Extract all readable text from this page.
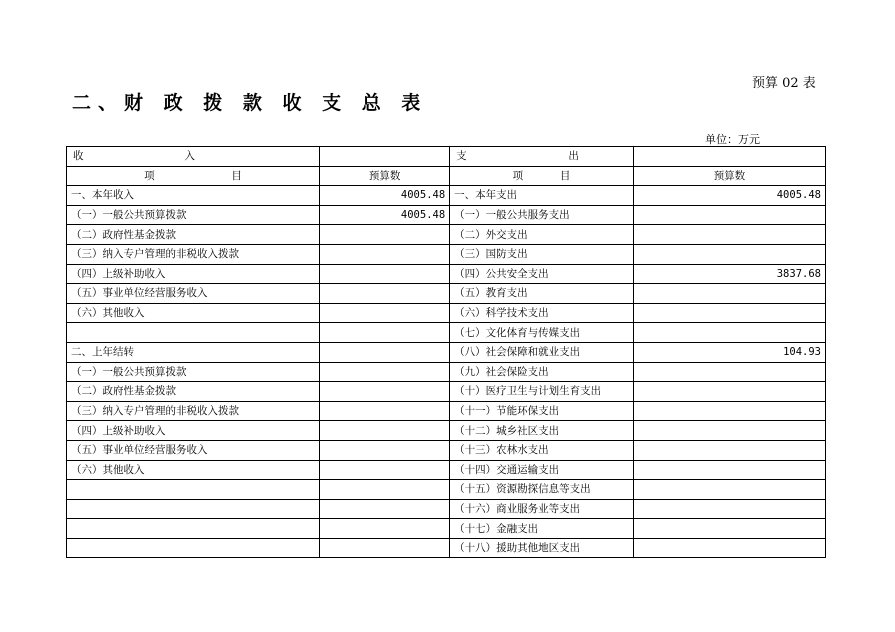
预算 02 表
二、财 政 拨 款 收 支 总 表
单位：万元
收 入		支 出	

项 目	预算数	项 目	预算数
一、本年收入	4005.48	一、本年支出	4005.48
（一）一般公共预算拨款	4005.48	（一）一般公共服务支出	
（二）政府性基金拨款		（二）外交支出	
（三）纳入专户管理的非税收入拨款		（三）国防支出	
（四）上级补助收入		（四）公共安全支出	3837.68
（五）事业单位经营服务收入		（五）教育支出	
（六）其他收入		（六）科学技术支出	
		（七）文化体育与传媒支出	
二、上年结转		（八）社会保障和就业支出	104.93
（一）一般公共预算拨款		（九）社会保险支出	
（二）政府性基金拨款		（十）医疗卫生与计划生育支出	
（三）纳入专户管理的非税收入拨款		（十一）节能环保支出	
（四）上级补助收入		（十二）城乡社区支出	
（五）事业单位经营服务收入		（十三）农林水支出	
（六）其他收入		（十四）交通运输支出	
		（十五）资源勘探信息等支出	
		（十六）商业服务业等支出	
		（十七）金融支出	
		（十八）援助其他地区支出	
